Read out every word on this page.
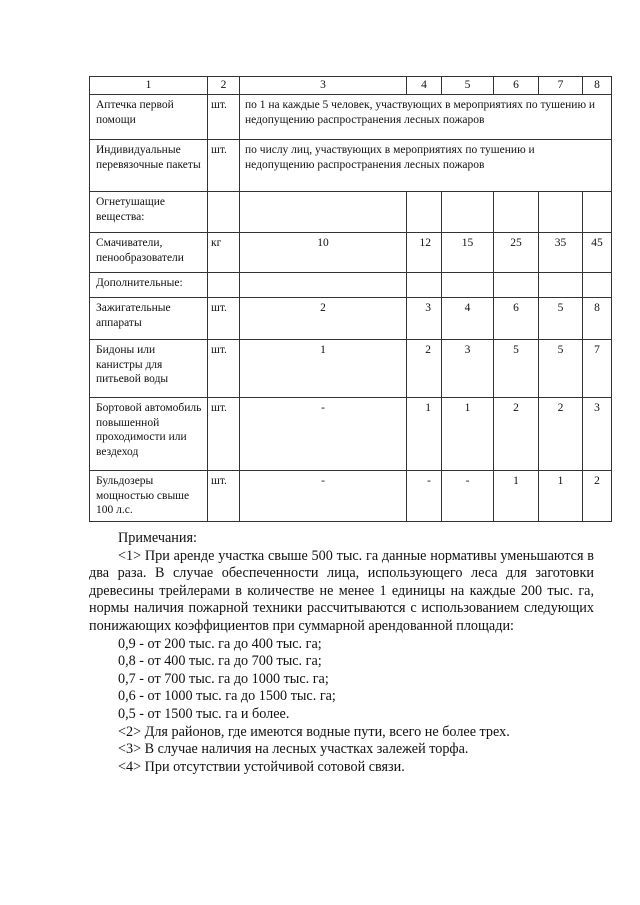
1	2	3	4	5	6	7	8
Аптечка первой помощи	шт.	по 1 на каждые 5 человек, участвующих в мероприятиях по тушению и недопущению распространения лесных пожаров					
Индивидуальные перевязочные пакеты	шт.	по числу лиц, участвующих в мероприятиях по тушению и недопущению распространения лесных пожаров					
Огнетушащие вещества:							
Смачиватели, пенообразователи	кг	10	12	15	25	35	45
Дополнительные:							
Зажигательные аппараты	шт.	2	3	4	6	5	8
Бидоны или канистры для питьевой воды	шт.	1	2	3	5	5	7
Бортовой автомобиль повышенной проходимости или вездеход	шт.	-	1	1	2	2	3
Бульдозеры мощностью свыше 100 л.с.	шт.	-	-	-	1	1	2

Примечания:

<1> При аренде участка свыше 500 тыс. га данные нормативы уменьшаются в два раза. В случае обеспеченности лица, использующего леса для заготовки древесины трейлерами в количестве не менее 1 единицы на каждые 200 тыс. га, нормы наличия пожарной техники рассчитываются с использованием следующих понижающих коэффициентов при суммарной арендованной площади:

0,9 - от 200 тыс. га до 400 тыс. га;

0,8 - от 400 тыс. га до 700 тыс. га;

0,7 - от 700 тыс. га до 1000 тыс. га;

0,6 - от 1000 тыс. га до 1500 тыс. га;

0,5 - от 1500 тыс. га и более.

<2> Для районов, где имеются водные пути, всего не более трех.

<3> В случае наличия на лесных участках залежей торфа.

<4> При отсутствии устойчивой сотовой связи.
